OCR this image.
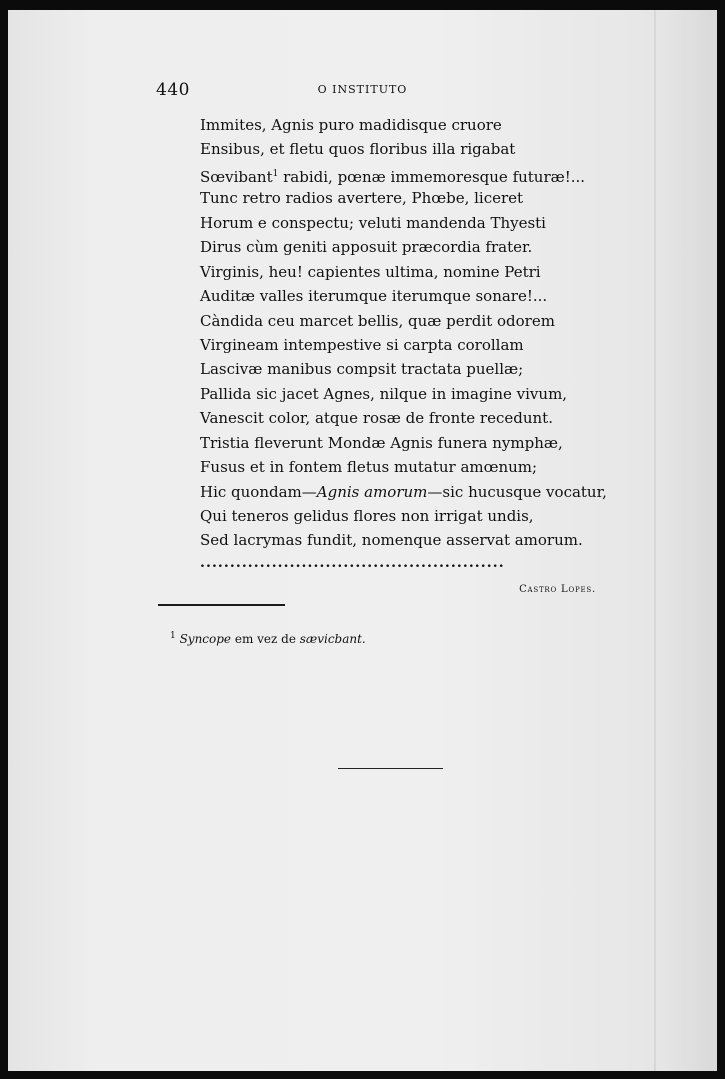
440	O INSTITUTO
Immites, Agnis puro madidisque cruore
Ensibus, et fletu quos floribus illa rigabat
Sœvibant$^1$ rabidi, pœnæ immemoresque futuræ!...
Tunc retro radios avertere, Phœbe, liceret
Horum e conspectu; veluti mandenda Thyesti
Dirus cùm geniti apposuit præcordia frater.
Virginis, heu! capientes ultima, nomine Petri
Auditæ valles iterumque iterumque sonare!...
Càndida ceu marcet bellis, quæ perdit odorem
Virgineam intempestive si carpta corollam
Lascivæ manibus compsit tractata puellæ;
Pallida sic jacet Agnes, nilque in imagine vivum,
Vanescit color, atque rosæ de fronte recedunt.
Tristia fleverunt Mondæ Agnis funera nymphæ,
Fusus et in fontem fletus mutatur amœnum;
Hic quondam—Agnis amorum—sic hucusque vocatur,
Qui teneros gelidus flores non irrigat undis,
Sed lacrymas fundit, nomenque asservat amorum.
...................................................
Castro Lopes.
$^1$ Syncope em vez de sævicbant.
